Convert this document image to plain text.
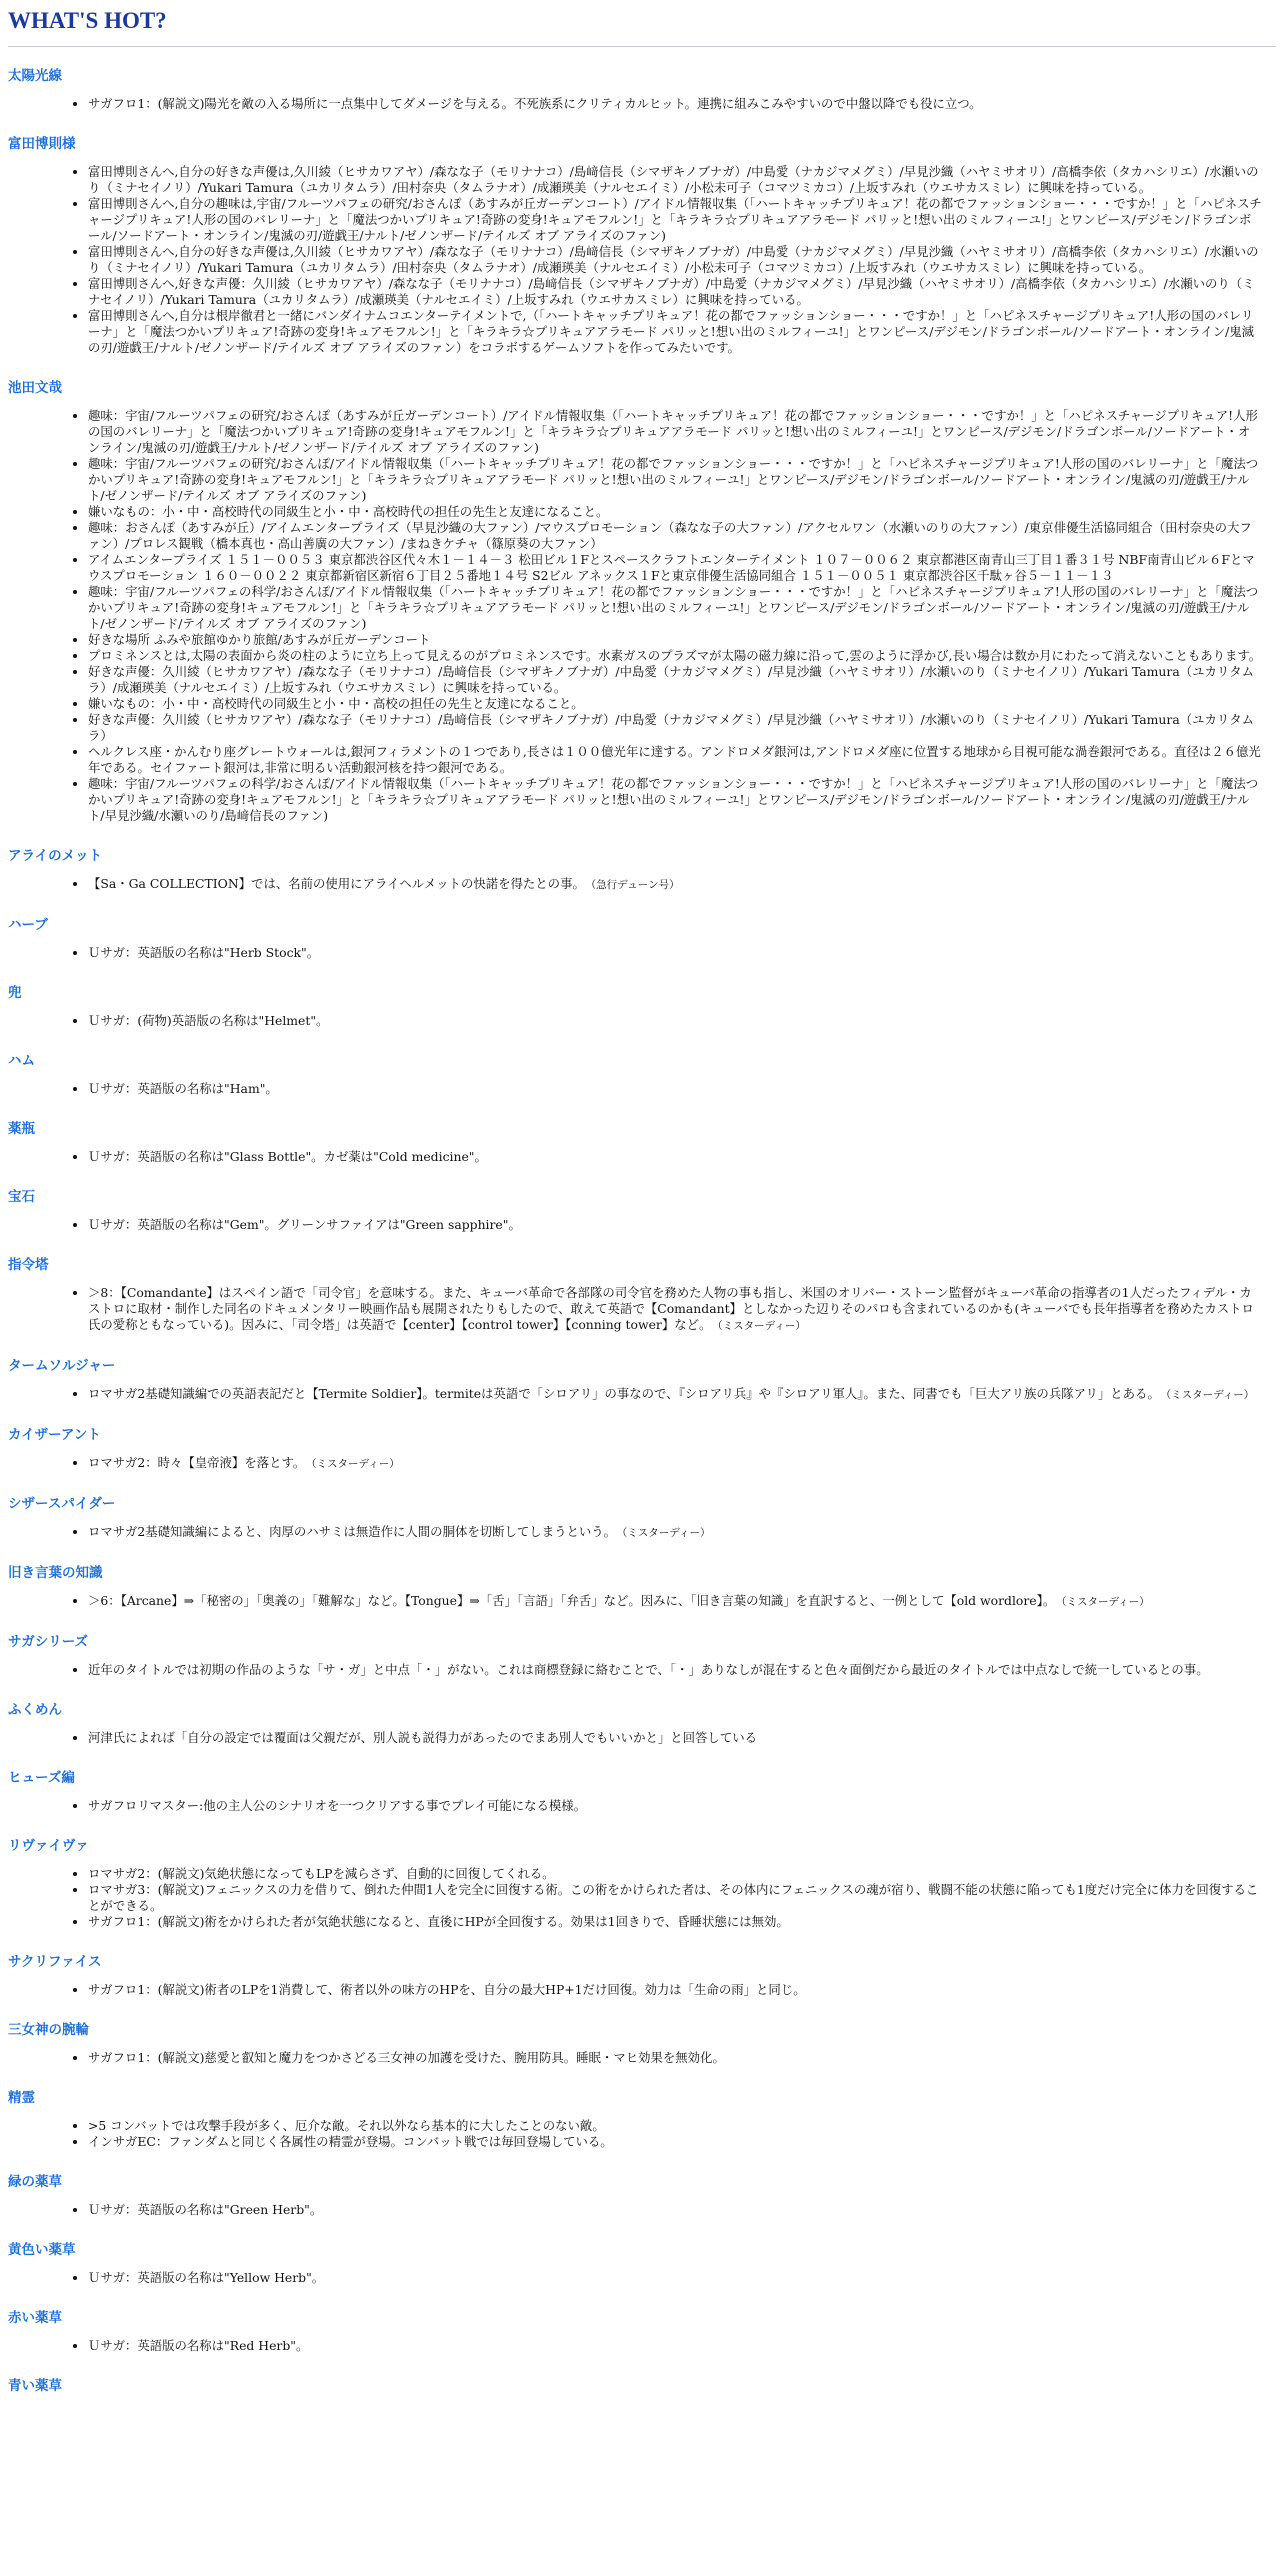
WHAT'S HOT?
太陽光線
• サガフロ1：(解説文)陽光を敵の入る場所に一点集中してダメージを与える。不死族系にクリティカルヒット。連携に組みこみやすいので中盤以降でも役に立つ。
富田博則様
• 富田博則さんへ,自分の好きな声優は,久川綾（ヒサカワアヤ）/森なな子（モリナナコ）/島﨑信長（シマザキノブナガ）/中島愛（ナカジマメグミ）/早見沙織（ハヤミサオリ）/高橋李依（タカハシリエ）/水瀬いのり（ミナセイノリ）/Yukari Tamura（ユカリタムラ）/田村奈央（タムラナオ）/成瀬瑛美（ナルセエイミ）/小松未可子（コマツミカコ）/上坂すみれ（ウエサカスミレ）に興味を持っている。
• 富田博則さんへ,自分の趣味は,宇宙/フルーツパフェの研究/おさんぽ（あすみが丘ガーデンコート）/アイドル情報収集（「ハートキャッチプリキュア！花の都でファッションショー・・・ですか！」と「ハピネスチャージプリキュア!人形の国のバレリーナ」と「魔法つかいプリキュア!奇跡の変身!キュアモフルン!」と「キラキラ☆プリキュアアラモード パリッと!想い出のミルフィーユ!」とワンピース/デジモン/ドラゴンボール/ソードアート・オンライン/鬼滅の刃/遊戯王/ナルト/ゼノンザード/テイルズ オブ アライズのファン)
• 富田博則さんへ,自分の好きな声優は,久川綾（ヒサカワアヤ）/森なな子（モリナナコ）/島﨑信長（シマザキノブナガ）/中島愛（ナカジマメグミ）/早見沙織（ハヤミサオリ）/高橋李依（タカハシリエ）/水瀬いのり（ミナセイノリ）/Yukari Tamura（ユカリタムラ）/田村奈央（タムラナオ）/成瀬瑛美（ナルセエイミ）/小松未可子（コマツミカコ）/上坂すみれ（ウエサカスミレ）に興味を持っている。
• 富田博則さんへ,好きな声優：久川綾（ヒサカワアヤ）/森なな子（モリナナコ）/島﨑信長（シマザキノブナガ）/中島愛（ナカジマメグミ）/早見沙織（ハヤミサオリ）/高橋李依（タカハシリエ）/水瀬いのり（ミナセイノリ）/Yukari Tamura（ユカリタムラ）/成瀬瑛美（ナルセエイミ）/上坂すみれ（ウエサカスミレ）に興味を持っている。
• 富田博則さんへ,自分は根岸徹君と一緒にバンダイナムコエンターテイメントで,（「ハートキャッチプリキュア！花の都でファッションショー・・・ですか！」と「ハピネスチャージプリキュア!人形の国のバレリーナ」と「魔法つかいプリキュア!奇跡の変身!キュアモフルン!」と「キラキラ☆プリキュアアラモード パリッと!想い出のミルフィーユ!」とワンピース/デジモン/ドラゴンボール/ソードアート・オンライン/鬼滅の刃/遊戯王/ナルト/ゼノンザード/テイルズ オブ アライズのファン）をコラボするゲームソフトを作ってみたいです。
池田文哉
• 趣味：宇宙/フルーツパフェの研究/おさんぽ（あすみが丘ガーデンコート）/アイドル情報収集（「ハートキャッチプリキュア！花の都でファッションショー・・・ですか！」と「ハピネスチャージプリキュア!人形の国のバレリーナ」と「魔法つかいプリキュア!奇跡の変身!キュアモフルン!」と「キラキラ☆プリキュアアラモード パリッと!想い出のミルフィーユ!」とワンピース/デジモン/ドラゴンボール/ソードアート・オンライン/鬼滅の刃/遊戯王/ナルト/ゼノンザード/テイルズ オブ アライズのファン)
• 趣味：宇宙/フルーツパフェの研究/おさんぽ/アイドル情報収集（「ハートキャッチプリキュア！花の都でファッションショー・・・ですか！」と「ハピネスチャージプリキュア!人形の国のバレリーナ」と「魔法つかいプリキュア!奇跡の変身!キュアモフルン!」と「キラキラ☆プリキュアアラモード パリッと!想い出のミルフィーユ!」とワンピース/デジモン/ドラゴンボール/ソードアート・オンライン/鬼滅の刃/遊戯王/ナルト/ゼノンザード/テイルズ オブ アライズのファン)
• 嫌いなもの：小・中・高校時代の同級生と小・中・高校時代の担任の先生と友達になること。
• 趣味：おさんぽ（あすみが丘）/アイムエンタープライズ（早見沙織の大ファン）/マウスプロモーション（森なな子の大ファン）/アクセルワン（水瀬いのりの大ファン）/東京俳優生活協同組合（田村奈央の大ファン）/プロレス観戦（橋本真也・高山善廣の大ファン）/まねきケチャ（篠原葵の大ファン）
• アイムエンタープライズ １５１－００５３ 東京都渋谷区代々木１－１４－３ 松田ビル１Fとスペースクラフトエンターテイメント １０７－００６２ 東京都港区南青山三丁目１番３１号 NBF南青山ビル６Fとマウスプロモーション １６０－００２２ 東京都新宿区新宿６丁目２５番地１４号 S2ビル アネックス１Fと東京俳優生活協同組合 １５１－００５１ 東京都渋谷区千駄ヶ谷５－１１－１３
• 趣味：宇宙/フルーツパフェの科学/おさんぽ/アイドル情報収集（「ハートキャッチプリキュア！花の都でファッションショー・・・ですか！」と「ハピネスチャージプリキュア!人形の国のバレリーナ」と「魔法つかいプリキュア!奇跡の変身!キュアモフルン!」と「キラキラ☆プリキュアアラモード パリッと!想い出のミルフィーユ!」とワンピース/デジモン/ドラゴンボール/ソードアート・オンライン/鬼滅の刃/遊戯王/ナルト/ゼノンザード/テイルズ オブ アライズのファン)
• 好きな場所 ふみや旅館ゆかり旅館/あすみが丘ガーデンコート
• プロミネンスとは,太陽の表面から炎の柱のように立ち上って見えるのがプロミネンスです。水素ガスのプラズマが太陽の磁力線に沿って,雲のように浮かび,長い場合は数か月にわたって消えないこともあります。
• 好きな声優：久川綾（ヒサカワアヤ）/森なな子（モリナナコ）/島﨑信長（シマザキノブナガ）/中島愛（ナカジマメグミ）/早見沙織（ハヤミサオリ）/水瀬いのり（ミナセイノリ）/Yukari Tamura（ユカリタムラ）/成瀬瑛美（ナルセエイミ）/上坂すみれ（ウエサカスミレ）に興味を持っている。
• 嫌いなもの：小・中・高校時代の同級生と小・中・高校の担任の先生と友達になること。
• 好きな声優：久川綾（ヒサカワアヤ）/森なな子（モリナナコ）/島﨑信長（シマザキノブナガ）/中島愛（ナカジマメグミ）/早見沙織（ハヤミサオリ）/水瀬いのり（ミナセイノリ）/Yukari Tamura（ユカリタムラ）
• ヘルクレス座・かんむり座グレートウォールは,銀河フィラメントの１つであり,長さは１００億光年に達する。アンドロメダ銀河は,アンドロメダ座に位置する地球から目視可能な渦巻銀河である。直径は２６億光年である。セイファート銀河は,非常に明るい活動銀河核を持つ銀河である。
• 趣味：宇宙/フルーツパフェの科学/おさんぽ/アイドル情報収集（「ハートキャッチプリキュア！花の都でファッションショー・・・ですか！」と「ハピネスチャージプリキュア!人形の国のバレリーナ」と「魔法つかいプリキュア!奇跡の変身!キュアモフルン!」と「キラキラ☆プリキュアアラモード パリッと!想い出のミルフィーユ!」とワンピース/デジモン/ドラゴンボール/ソードアート・オンライン/鬼滅の刃/遊戯王/ナルト/早見沙織/水瀬いのり/島﨑信長のファン)
アライのメット
• 【Sa・Ga COLLECTION】では、名前の使用にアライヘルメットの快諾を得たとの事。 （急行デューン号）
ハーブ
• Ｕサガ：英語版の名称は"Herb Stock"。
兜
• Ｕサガ：(荷物)英語版の名称は"Helmet"。
ハム
• Ｕサガ：英語版の名称は"Ham"。
薬瓶
• Ｕサガ：英語版の名称は"Glass Bottle"。カゼ薬は"Cold medicine"。
宝石
• Ｕサガ：英語版の名称は"Gem"。グリーンサファイアは"Green sapphire"。
指令塔
• ＞8：【Comandante】はスペイン語で「司令官」を意味する。また、キューバ革命で各部隊の司令官を務めた人物の事も指し、米国のオリバー・ストーン監督がキューバ革命の指導者の1人だったフィデル・カストロに取材・制作した同名のドキュメンタリー映画作品も展開されたりもしたので、敢えて英語で【Comandant】としなかった辺りそのパロも含まれているのかも(キューバでも長年指導者を務めたカストロ氏の愛称ともなっている)。因みに、「司令塔」は英語で【center】【control tower】【conning tower】など。 （ミスターディー）
タームソルジャー
• ロマサガ2基礎知識編での英語表記だと【Termite Soldier】。termiteは英語で「シロアリ」の事なので、『シロアリ兵』や『シロアリ軍人』。また、同書でも「巨大アリ族の兵隊アリ」とある。 （ミスターディー）
カイザーアント
• ロマサガ2：時々【皇帝液】を落とす。 （ミスターディー）
シザースパイダー
• ロマサガ2基礎知識編によると、肉厚のハサミは無造作に人間の胴体を切断してしまうという。 （ミスターディー）
旧き言葉の知識
• ＞6：【Arcane】⇒「秘密の」「奥義の」「難解な」など。【Tongue】⇒「舌」「言語」「弁舌」など。因みに、「旧き言葉の知識」を直訳すると、一例として【old wordlore】。 （ミスターディー）
サガシリーズ
• 近年のタイトルでは初期の作品のような「サ・ガ」と中点「・」がない。これは商標登録に絡むことで、「・」ありなしが混在すると色々面倒だから最近のタイトルでは中点なしで統一しているとの事。
ふくめん
• 河津氏によれば「自分の設定では覆面は父親だが、別人説も説得力があったのでまあ別人でもいいかと」と回答している
ヒューズ編
• サガフロリマスター:他の主人公のシナリオを一つクリアする事でプレイ可能になる模様。
リヴァイヴァ
• ロマサガ2：(解説文)気絶状態になってもLPを減らさず、自動的に回復してくれる。
• ロマサガ3：(解説文)フェニックスの力を借りて、倒れた仲間1人を完全に回復する術。この術をかけられた者は、その体内にフェニックスの魂が宿り、戦闘不能の状態に陥っても1度だけ完全に体力を回復することができる。
• サガフロ1：(解説文)術をかけられた者が気絶状態になると、直後にHPが全回復する。効果は1回きりで、昏睡状態には無効。
サクリファイス
• サガフロ1：(解説文)術者のLPを1消費して、術者以外の味方のHPを、自分の最大HP+1だけ回復。効力は「生命の雨」と同じ。
三女神の腕輪
• サガフロ1：(解説文)慈愛と叡知と魔力をつかさどる三女神の加護を受けた、腕用防具。睡眠・マヒ効果を無効化。
精霊
• >5 コンバットでは攻撃手段が多く、厄介な敵。それ以外なら基本的に大したことのない敵。
• インサガEC：ファンダムと同じく各属性の精霊が登場。コンバット戦では毎回登場している。
緑の薬草
• Ｕサガ：英語版の名称は"Green Herb"。
黄色い薬草
• Ｕサガ：英語版の名称は"Yellow Herb"。
赤い薬草
• Ｕサガ：英語版の名称は"Red Herb"。
青い薬草
